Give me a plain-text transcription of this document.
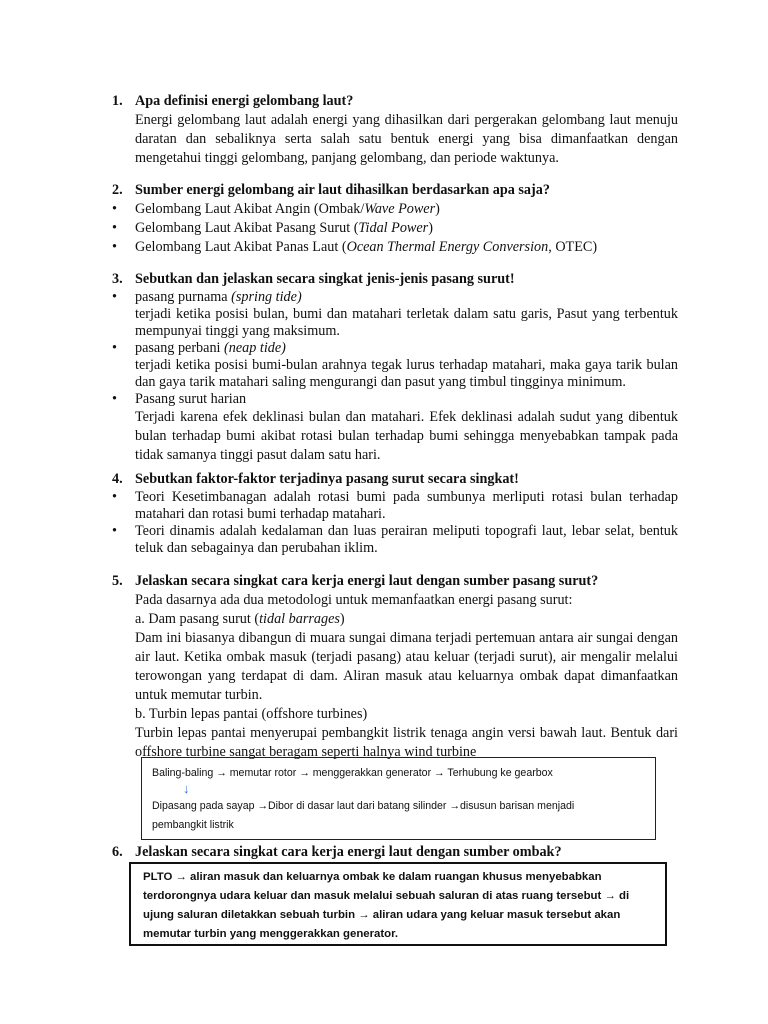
1. Apa definisi energi gelombang laut?
Energi gelombang laut adalah energi yang dihasilkan dari pergerakan gelombang laut menuju daratan dan sebaliknya serta salah satu bentuk energi yang bisa dimanfaatkan dengan mengetahui tinggi gelombang, panjang gelombang, dan periode waktunya.
2. Sumber energi gelombang air laut dihasilkan berdasarkan apa saja?
•	Gelombang Laut Akibat Angin (Ombak/Wave Power)
•	Gelombang Laut Akibat Pasang Surut (Tidal Power)
•	Gelombang Laut Akibat Panas Laut (Ocean Thermal Energy Conversion, OTEC)
3. Sebutkan dan jelaskan secara singkat jenis-jenis pasang surut!
•	pasang purnama (spring tide)
terjadi ketika posisi bulan, bumi dan matahari terletak dalam satu garis, Pasut yang terbentuk mempunyai tinggi yang maksimum.
•	pasang perbani (neap tide)
terjadi ketika posisi bumi-bulan arahnya tegak lurus terhadap matahari, maka gaya tarik bulan dan gaya tarik matahari saling mengurangi dan pasut yang timbul tingginya minimum.
•	Pasang surut harian
Terjadi karena efek deklinasi bulan dan matahari. Efek deklinasi adalah sudut yang dibentuk bulan terhadap bumi akibat rotasi bulan terhadap bumi sehingga menyebabkan tampak pada tidak samanya tinggi pasut dalam satu hari.
4. Sebutkan faktor-faktor terjadinya pasang surut secara singkat!
•	Teori Kesetimbanagan adalah rotasi bumi pada sumbunya merliputi rotasi bulan terhadap matahari dan rotasi bumi terhadap matahari.
•	Teori dinamis adalah kedalaman dan luas perairan meliputi topografi laut, lebar selat, bentuk teluk dan sebagainya dan perubahan iklim.
5. Jelaskan secara singkat cara kerja energi laut dengan sumber pasang surut?
Pada dasarnya ada dua metodologi untuk memanfaatkan energi pasang surut:
a. Dam pasang surut (tidal barrages)
Dam ini biasanya dibangun di muara sungai dimana terjadi pertemuan antara air sungai dengan air laut. Ketika ombak masuk (terjadi pasang) atau keluar (terjadi surut), air mengalir melalui terowongan yang terdapat di dam. Aliran masuk atau keluarnya ombak dapat dimanfaatkan untuk memutar turbin.
b. Turbin lepas pantai (offshore turbines)
Turbin lepas pantai menyerupai pembangkit listrik tenaga angin versi bawah laut. Bentuk dari offshore turbine sangat beragam seperti halnya wind turbine
Baling-baling → memutar rotor → menggerakkan generator → Terhubung ke gearbox
↓
Dipasang pada sayap →Dibor di dasar laut dari batang silinder →disusun barisan menjadi
pembangkit listrik
6. Jelaskan secara singkat cara kerja energi laut dengan sumber ombak?
PLTO → aliran masuk dan keluarnya ombak ke dalam ruangan khusus menyebabkan terdorongnya udara keluar dan masuk melalui sebuah saluran di atas ruang tersebut → di ujung saluran diletakkan sebuah turbin → aliran udara yang keluar masuk tersebut akan memutar turbin yang menggerakkan generator.
